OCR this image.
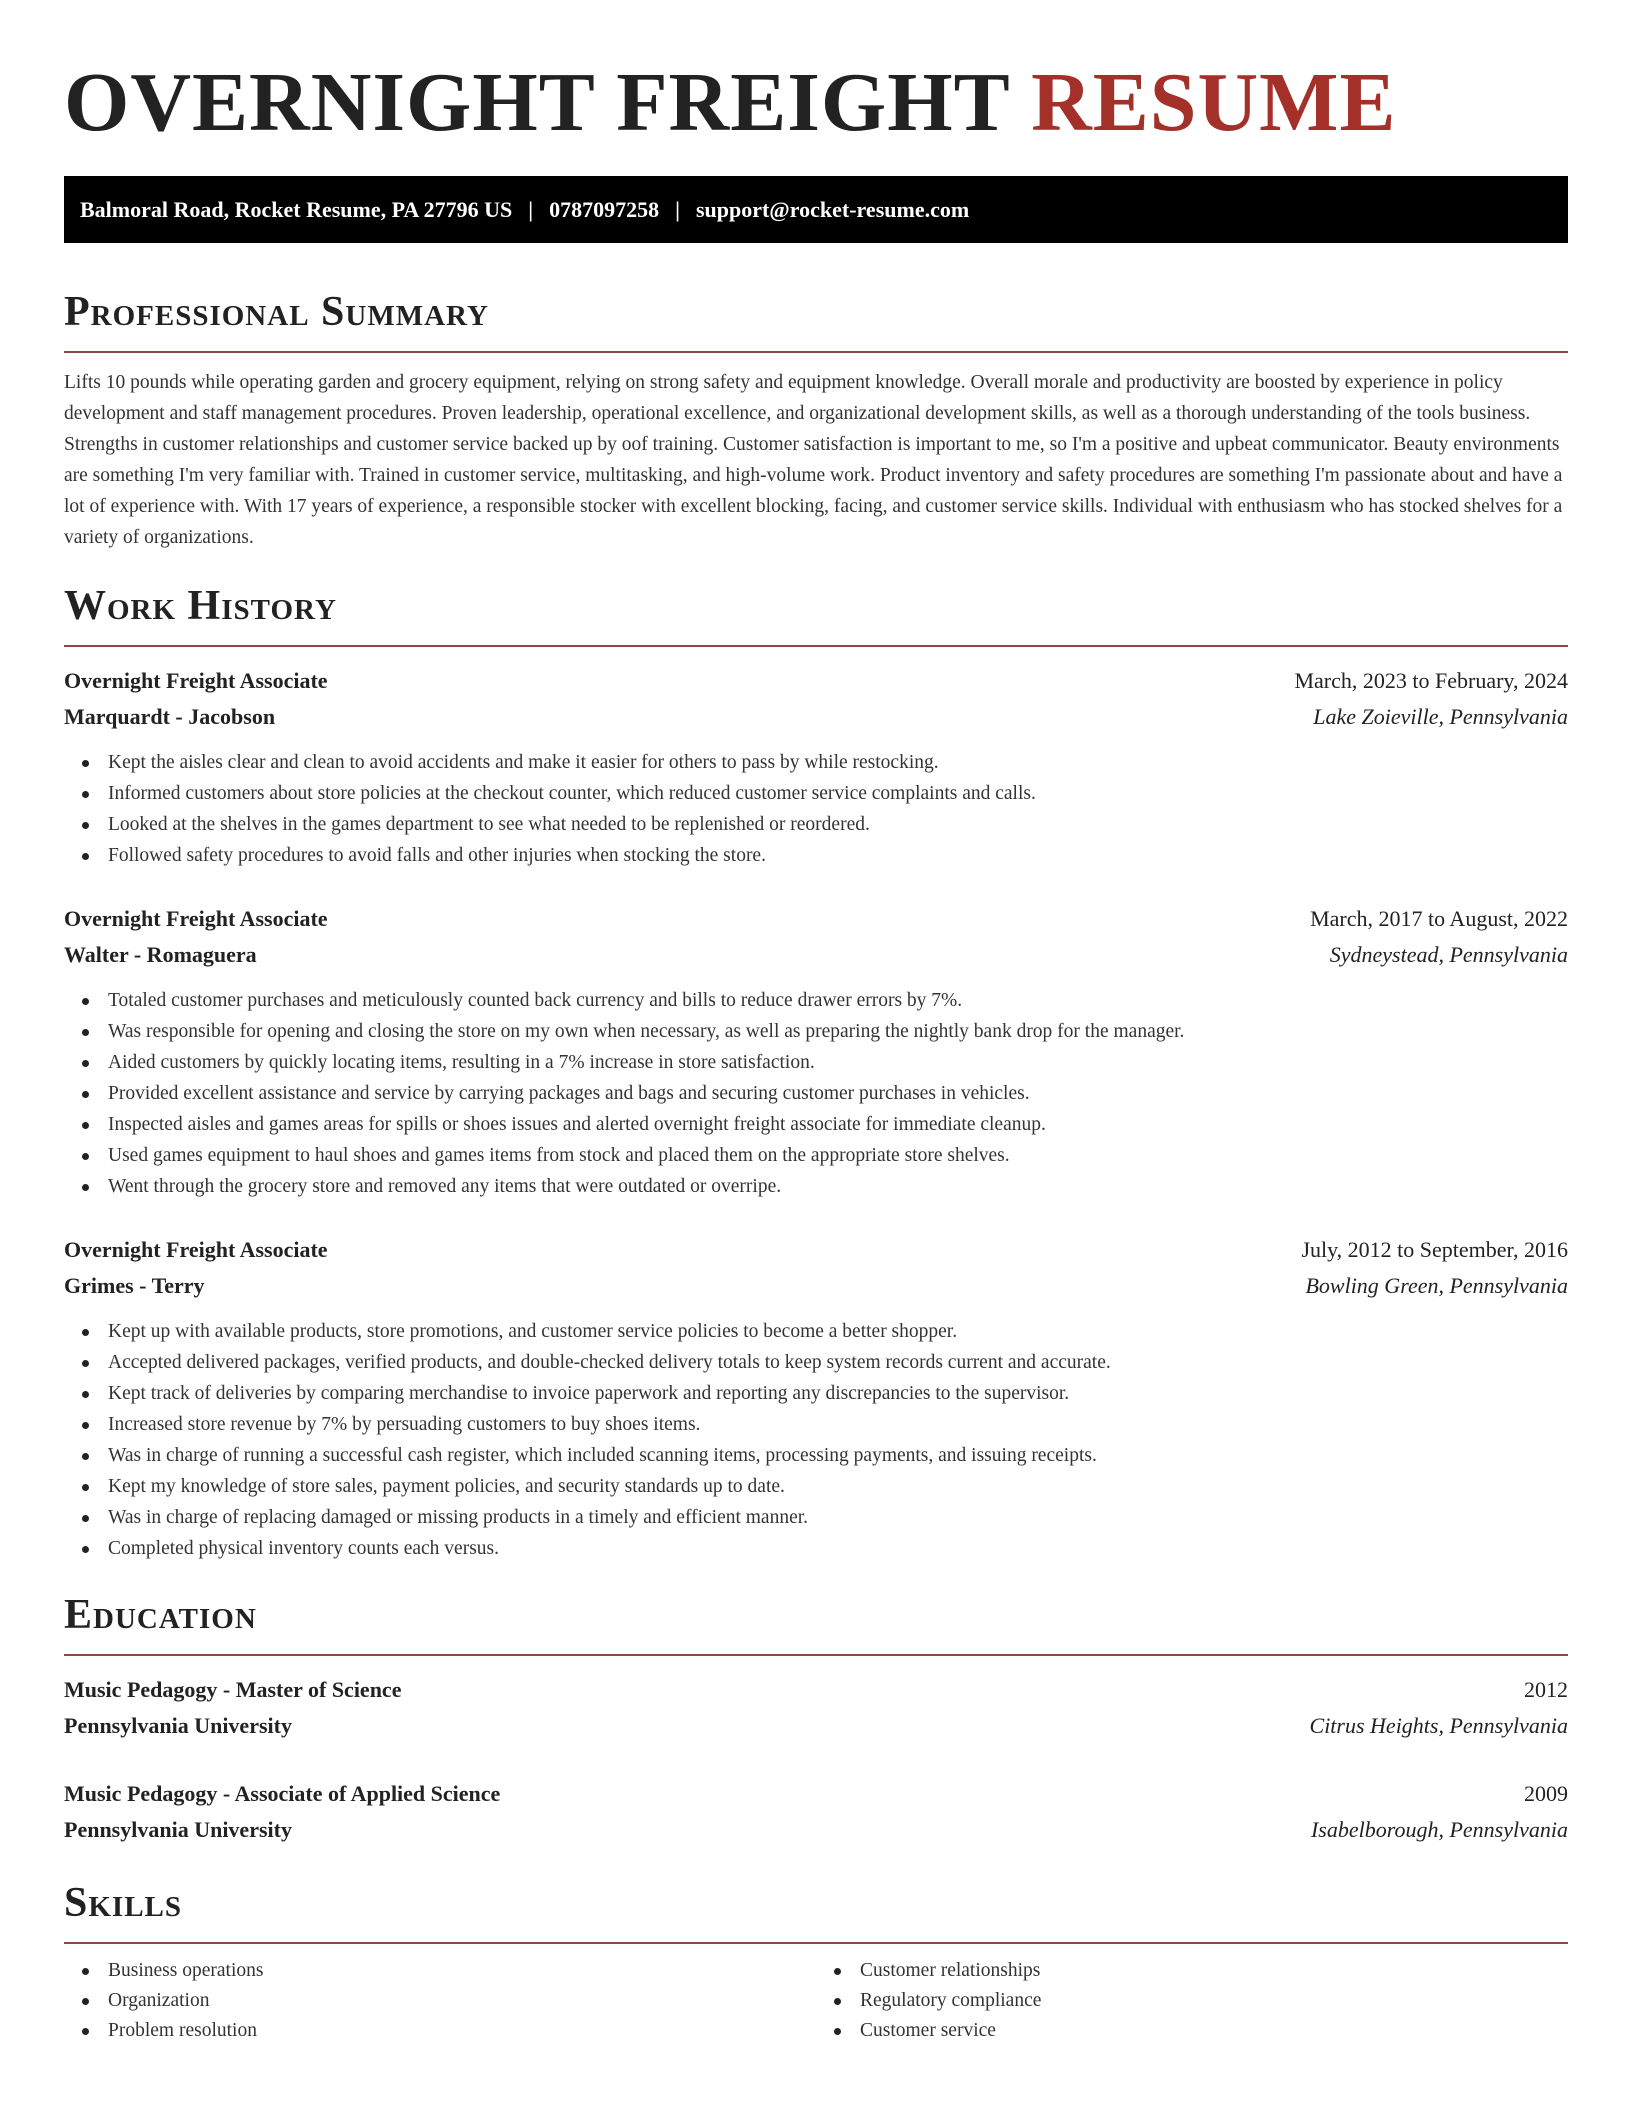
OVERNIGHT FREIGHT RESUME
Balmoral Road, Rocket Resume, PA 27796 US | 0787097258 | support@rocket-resume.com
Professional Summary

Lifts 10 pounds while operating garden and grocery equipment, relying on strong safety and equipment knowledge. Overall morale and productivity are boosted by experience in policy development and staff management procedures. Proven leadership, operational excellence, and organizational development skills, as well as a thorough understanding of the tools business. Strengths in customer relationships and customer service backed up by oof training. Customer satisfaction is important to me, so I'm a positive and upbeat communicator. Beauty environments are something I'm very familiar with. Trained in customer service, multitasking, and high-volume work. Product inventory and safety procedures are something I'm passionate about and have a lot of experience with. With 17 years of experience, a responsible stocker with excellent blocking, facing, and customer service skills. Individual with enthusiasm who has stocked shelves for a variety of organizations.

Work History
Overnight Freight Associate	March, 2023 to February, 2024
Marquardt - Jacobson	Lake Zoieville, Pennsylvania
Kept the aisles clear and clean to avoid accidents and make it easier for others to pass by while restocking.
Informed customers about store policies at the checkout counter, which reduced customer service complaints and calls.
Looked at the shelves in the games department to see what needed to be replenished or reordered.
Followed safety procedures to avoid falls and other injuries when stocking the store.
Overnight Freight Associate	March, 2017 to August, 2022
Walter - Romaguera	Sydneystead, Pennsylvania
Totaled customer purchases and meticulously counted back currency and bills to reduce drawer errors by 7%.
Was responsible for opening and closing the store on my own when necessary, as well as preparing the nightly bank drop for the manager.
Aided customers by quickly locating items, resulting in a 7% increase in store satisfaction.
Provided excellent assistance and service by carrying packages and bags and securing customer purchases in vehicles.
Inspected aisles and games areas for spills or shoes issues and alerted overnight freight associate for immediate cleanup.
Used games equipment to haul shoes and games items from stock and placed them on the appropriate store shelves.
Went through the grocery store and removed any items that were outdated or overripe.
Overnight Freight Associate	July, 2012 to September, 2016
Grimes - Terry	Bowling Green, Pennsylvania
Kept up with available products, store promotions, and customer service policies to become a better shopper.
Accepted delivered packages, verified products, and double-checked delivery totals to keep system records current and accurate.
Kept track of deliveries by comparing merchandise to invoice paperwork and reporting any discrepancies to the supervisor.
Increased store revenue by 7% by persuading customers to buy shoes items.
Was in charge of running a successful cash register, which included scanning items, processing payments, and issuing receipts.
Kept my knowledge of store sales, payment policies, and security standards up to date.
Was in charge of replacing damaged or missing products in a timely and efficient manner.
Completed physical inventory counts each versus.
Education
Music Pedagogy - Master of Science	2012
Pennsylvania University	Citrus Heights, Pennsylvania
Music Pedagogy - Associate of Applied Science	2009
Pennsylvania University	Isabelborough, Pennsylvania
Skills
Business operations
Organization
Problem resolution
Customer relationships
Regulatory compliance
Customer service
